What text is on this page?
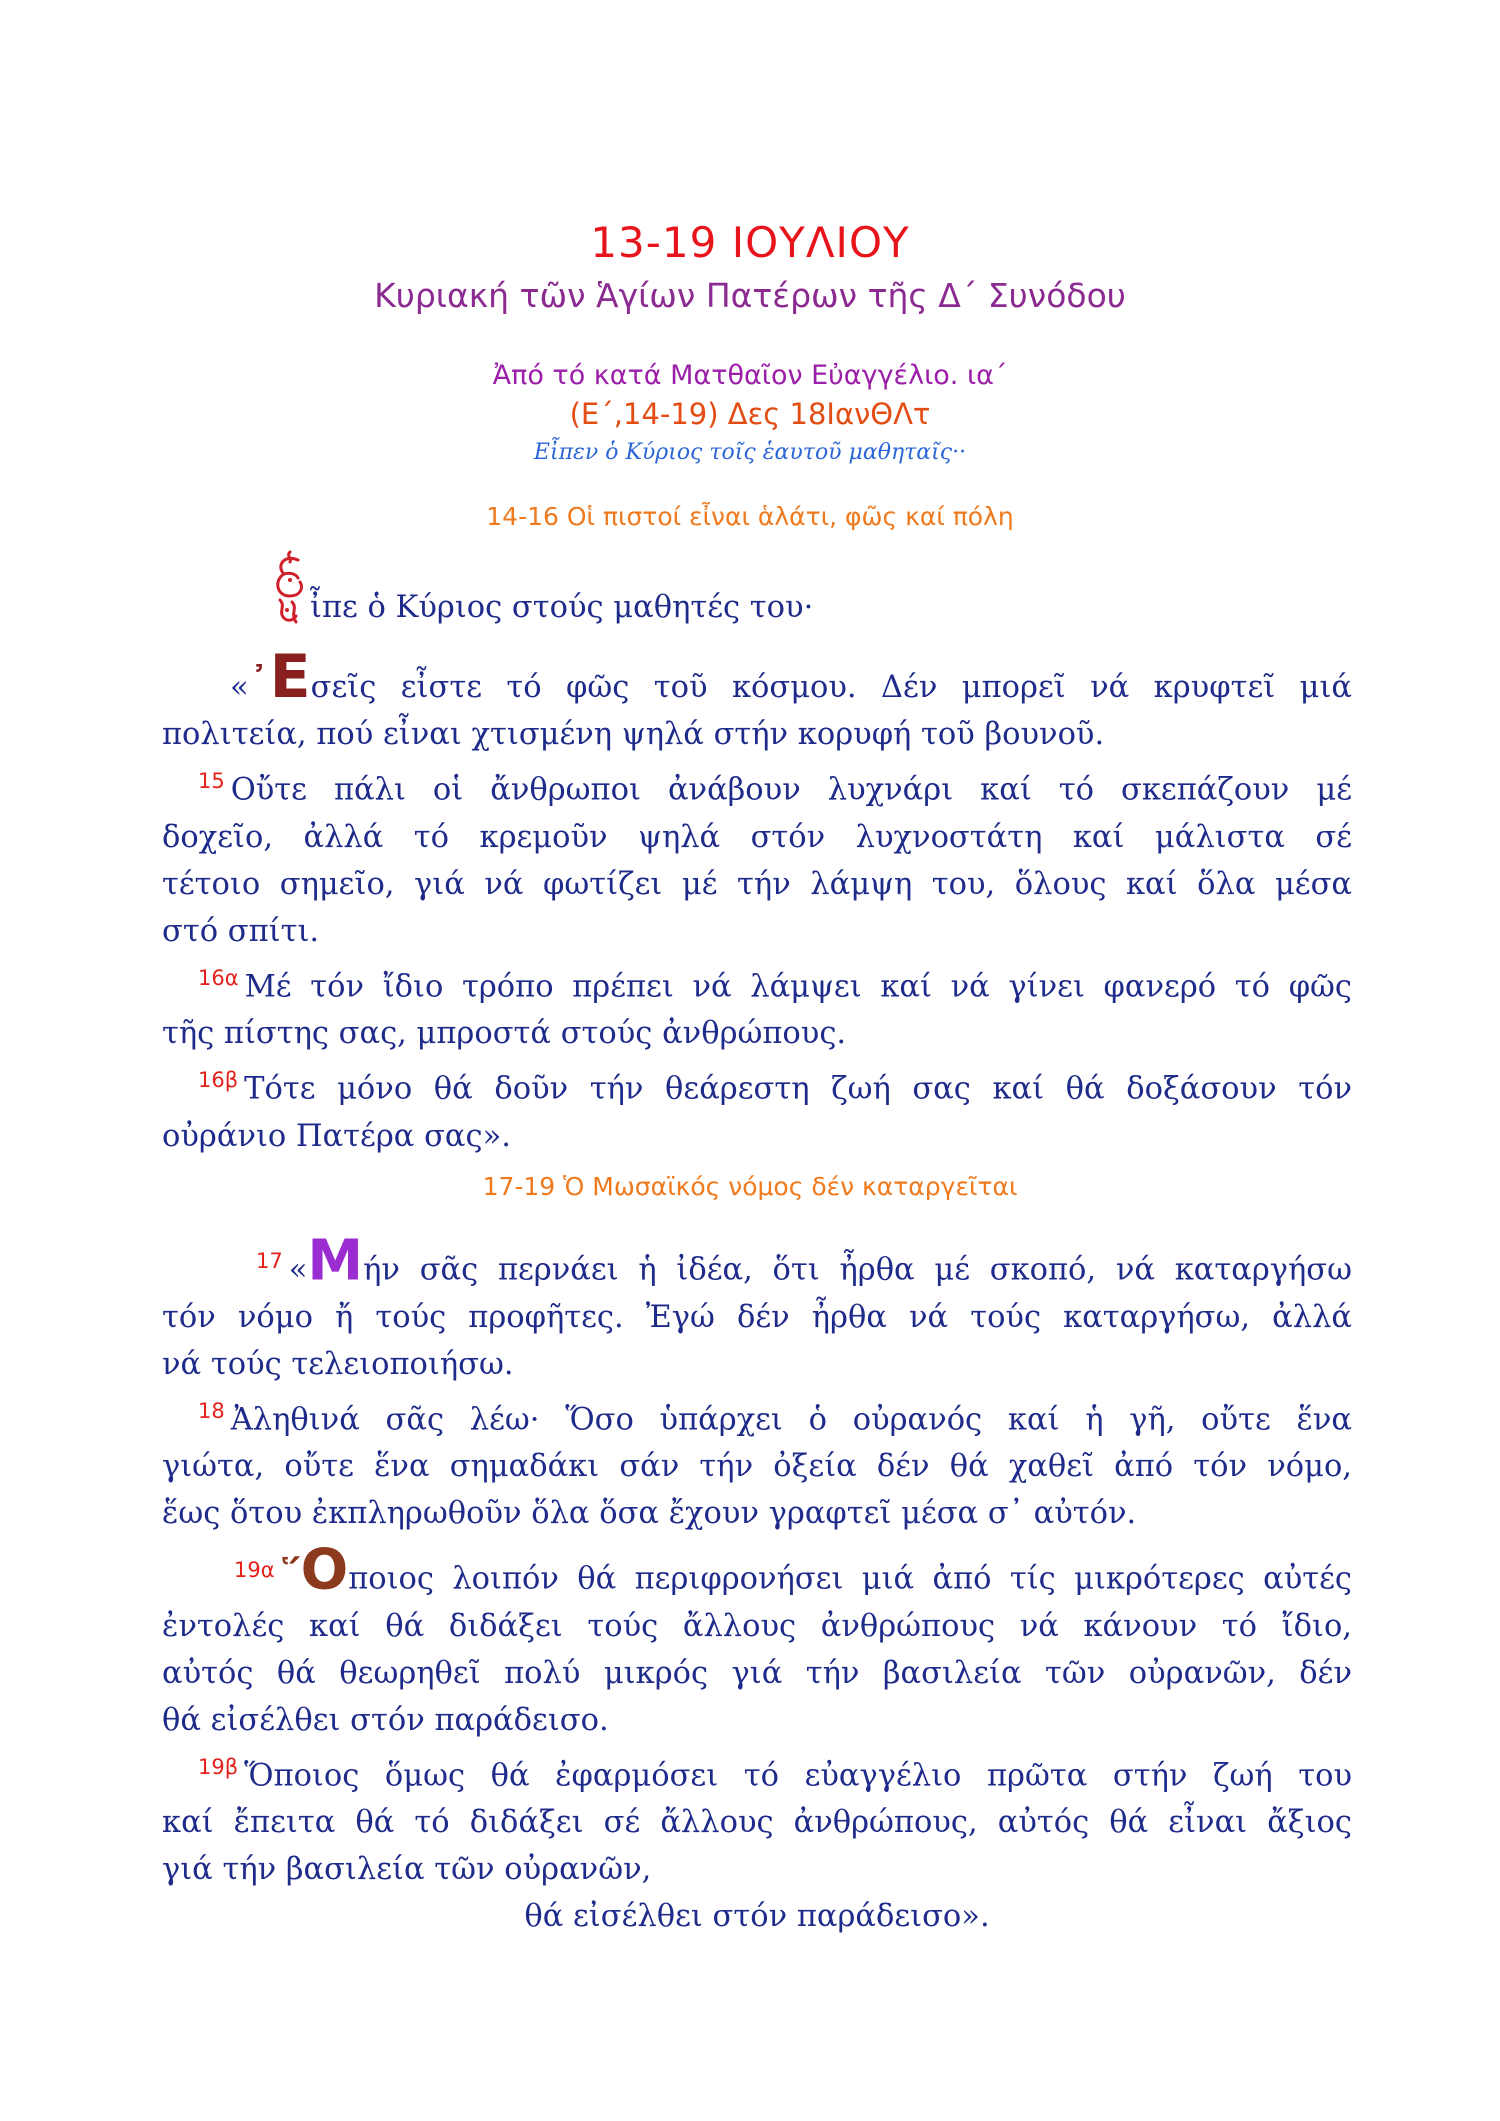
13-19 ΙΟΥΛΙΟΥ
Κυριακή τῶν Ἁγίων Πατέρων τῆς Δ΄ Συνόδου
Ἀπό τό κατά Ματθαῖον Εὐαγγέλιο. ια΄
(Ε΄,14-19) Δες 18ΙανΘΛτ
Εἶπεν ὁ Κύριος τοῖς ἑαυτοῦ μαθηταῖς··
14-16 Οἱ πιστοί εἶναι ἁλάτι, φῶς καί πόλη
ἶπε ὁ Κύριος στούς μαθητές του·
«᾿Εσεῖς εἶστε τό φῶς τοῦ κόσμου. Δέν μπορεῖ νά κρυφτεῖ μιά
πολιτεία, πού εἶναι χτισμένη ψηλά στήν κορυφή τοῦ βουνοῦ.
$^{15}$ Οὔτε πάλι οἱ ἄνθρωποι ἀνάβουν λυχνάρι καί τό σκεπάζουν μέ
δοχεῖο, ἀλλά τό κρεμοῦν ψηλά στόν λυχνοστάτη καί μάλιστα σέ
τέτοιο σημεῖο, γιά νά φωτίζει μέ τήν λάμψη του, ὅλους καί ὅλα μέσα
στό σπίτι.
$^{16\alpha}$ Μέ τόν ἴδιο τρόπο πρέπει νά λάμψει καί νά γίνει φανερό τό φῶς
τῆς πίστης σας, μπροστά στούς ἀνθρώπους.
$^{16\beta}$ Τότε μόνο θά δοῦν τήν θεάρεστη ζωή σας καί θά δοξάσουν τόν
οὐράνιο Πατέρα σας».
17-19 Ὁ Μωσαϊκός νόμος δέν καταργεῖται
$^{17}$ «Μήν σᾶς περνάει ἡ ἰδέα, ὅτι ἦρθα μέ σκοπό, νά καταργήσω
τόν νόμο ἤ τούς προφῆτες. Ἐγώ δέν ἦρθα νά τούς καταργήσω, ἀλλά
νά τούς τελειοποιήσω.
$^{18}$ Ἀληθινά σᾶς λέω· Ὅσο ὑπάρχει ὁ οὐρανός καί ἡ γῆ, οὔτε ἕνα
γιώτα, οὔτε ἕνα σημαδάκι σάν τήν ὀξεία δέν θά χαθεῖ ἀπό τόν νόμο,
ἕως ὅτου ἐκπληρωθοῦν ὅλα ὅσα ἔχουν γραφτεῖ μέσα σ᾿ αὐτόν.
$^{19\alpha}$ ῞Οποιος λοιπόν θά περιφρονήσει μιά ἀπό τίς μικρότερες αὐτές
ἐντολές καί θά διδάξει τούς ἄλλους ἀνθρώπους νά κάνουν τό ἴδιο,
αὐτός θά θεωρηθεῖ πολύ μικρός γιά τήν βασιλεία τῶν οὐρανῶν, δέν
θά εἰσέλθει στόν παράδεισο.
$^{19\beta}$ Ὅποιος ὅμως θά ἐφαρμόσει τό εὐαγγέλιο πρῶτα στήν ζωή του
καί ἔπειτα θά τό διδάξει σέ ἄλλους ἀνθρώπους, αὐτός θά εἶναι ἄξιος
γιά τήν βασιλεία τῶν οὐρανῶν,
θά εἰσέλθει στόν παράδεισο».
